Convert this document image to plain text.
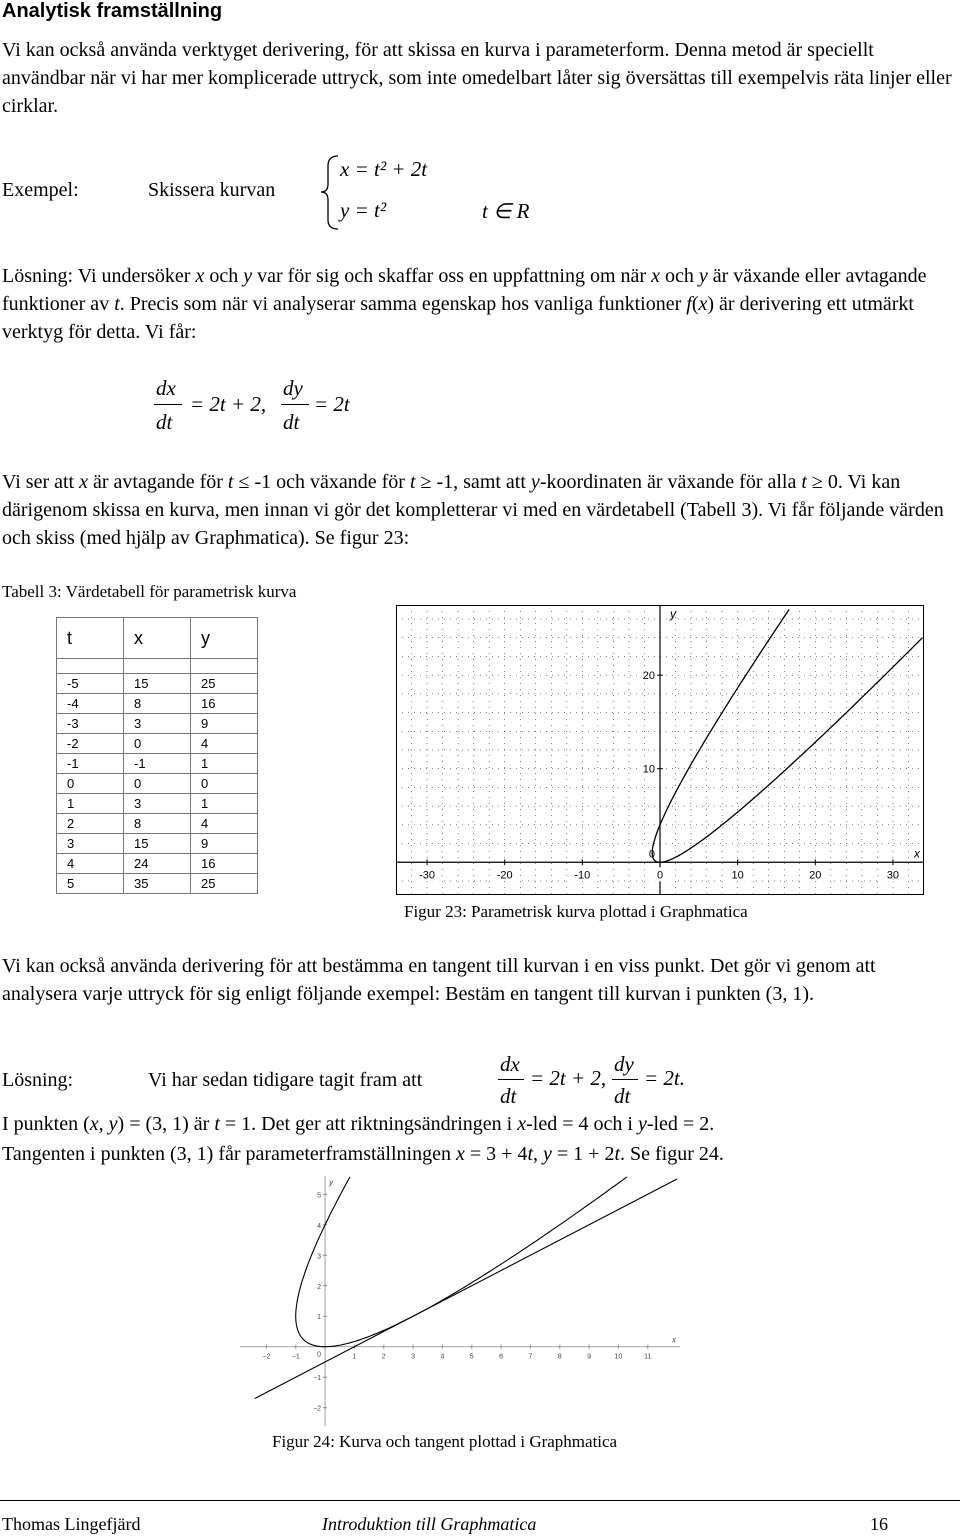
Analytisk framställning
Vi kan också använda verktyget derivering, för att skissa en kurva i parameterform. Denna metod är speciellt användbar när vi har mer komplicerade uttryck, som inte omedelbart låter sig översättas till exempelvis räta linjer eller cirklar.
Exempel:	Skissera kurvan
x = t² + 2t
y = t²	t ∈ R
Lösning: Vi undersöker x och y var för sig och skaffar oss en uppfattning om när x och y är växande eller avtagande funktioner av t. Precis som när vi analyserar samma egenskap hos vanliga funktioner f(x) är derivering ett utmärkt verktyg för detta. Vi får:
dx
dt
= 2t + 2,
dy
dt
= 2t
Vi ser att x är avtagande för t ≤ -1 och växande för t ≥ -1, samt att y-koordinaten är växande för alla t ≥ 0. Vi kan därigenom skissa en kurva, men innan vi gör det kompletterar vi med en värdetabell (Tabell 3). Vi får följande värden och skiss (med hjälp av Graphmatica). Se figur 23:
Tabell 3: Värdetabell för parametrisk kurva
t	x	y

-5	15	25
-4	8	16
-3	3	9
-2	0	4
-1	-1	1
0	0	0
1	3	1
2	8	4
3	15	9
4	24	16
5	35	25
-30	-20	-10	0	10	20	30
20
10
0
y
x
Figur 23: Parametrisk kurva plottad i Graphmatica
Vi kan också använda derivering för att bestämma en tangent till kurvan i en viss punkt. Det gör vi genom att analysera varje uttryck för sig enligt följande exempel: Bestäm en tangent till kurvan i punkten (3, 1).
Lösning:	Vi har sedan tidigare tagit fram att
dx
dt
= 2t + 2,
dy
dt
= 2t.
I punkten (x, y) = (3, 1) är t = 1. Det ger att riktningsändringen i x-led = 4 och i y-led = 2.
Tangenten i punkten (3, 1) får parameterframställningen x = 3 + 4t, y = 1 + 2t. Se figur 24.
−2	−1	1	2	3	4	5	6	7	8	9	10	11
5
4
3
2
1
0
−1
−2
y
x
Figur 24: Kurva och tangent plottad i Graphmatica
Thomas Lingefjärd	Introduktion till Graphmatica	16
